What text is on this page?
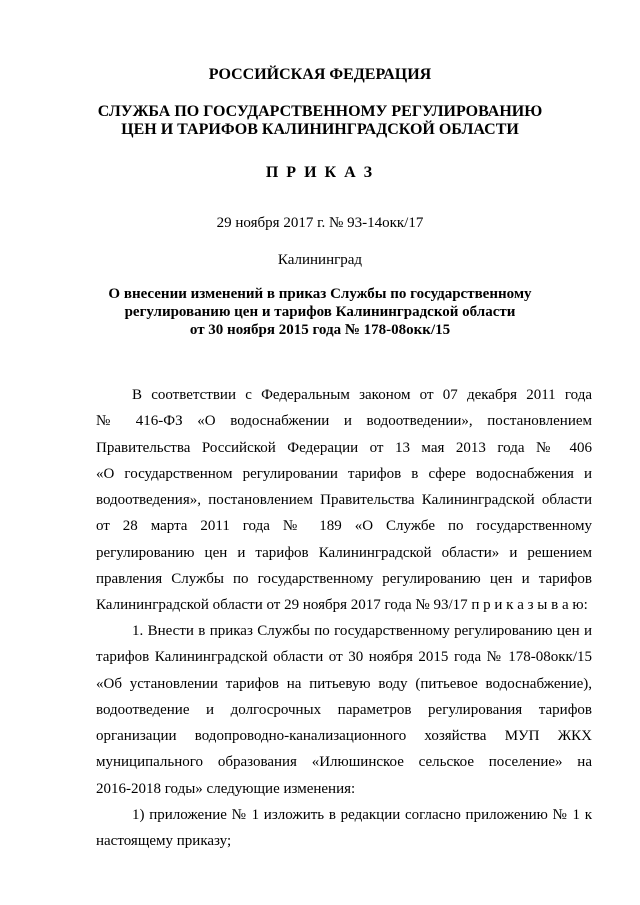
РОССИЙСКАЯ ФЕДЕРАЦИЯ
СЛУЖБА ПО ГОСУДАРСТВЕННОМУ РЕГУЛИРОВАНИЮ
ЦЕН И ТАРИФОВ КАЛИНИНГРАДСКОЙ ОБЛАСТИ
П Р И К А З
29 ноября 2017 г. № 93-14окк/17
Калининград
О внесении изменений в приказ Службы по государственному
регулированию цен и тарифов Калининградской области
от 30 ноября 2015 года № 178-08окк/15
В соответствии с Федеральным законом от 07 декабря 2011 года
№ 416-ФЗ «О водоснабжении и водоотведении», постановлением
Правительства Российской Федерации от 13 мая 2013 года № 406
«О государственном регулировании тарифов в сфере водоснабжения и
водоотведения», постановлением Правительства Калининградской области
от 28 марта 2011 года № 189 «О Службе по государственному
регулированию цен и тарифов Калининградской области» и решением
правления Службы по государственному регулированию цен и тарифов
Калининградской области от 29 ноября 2017 года № 93/17 п р и к а з ы в а ю:
1. Внести в приказ Службы по государственному регулированию цен и
тарифов Калининградской области от 30 ноября 2015 года № 178-08окк/15
«Об установлении тарифов на питьевую воду (питьевое водоснабжение),
водоотведение и долгосрочных параметров регулирования тарифов
организации водопроводно-канализационного хозяйства МУП ЖКХ
муниципального образования «Илюшинское сельское поселение» на
2016-2018 годы» следующие изменения:
1) приложение № 1 изложить в редакции согласно приложению № 1 к
настоящему приказу;
